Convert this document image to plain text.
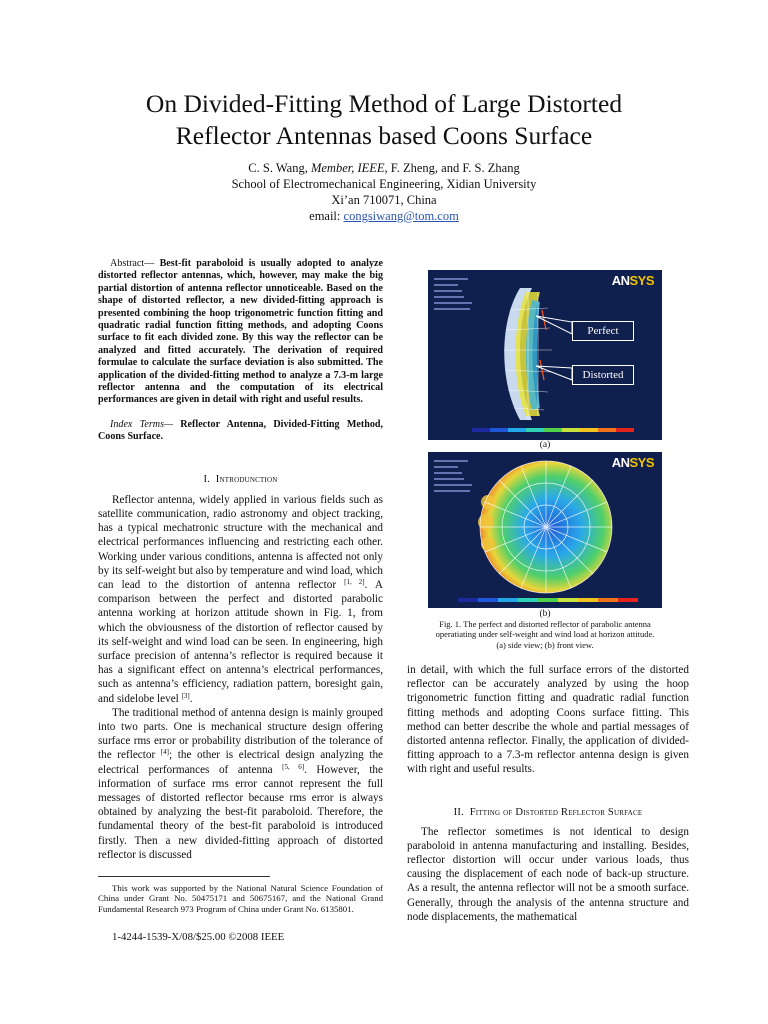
On Divided-Fitting Method of Large Distorted
Reflector Antennas based Coons Surface
C. S. Wang, Member, IEEE, F. Zheng, and F. S. Zhang
School of Electromechanical Engineering, Xidian University
Xi’an 710071, China
email: congsiwang@tom.com

Abstract— Best-fit paraboloid is usually adopted to analyze distorted reflector antennas, which, however, may make the big partial distortion of antenna reflector unnoticeable. Based on the shape of distorted reflector, a new divided-fitting approach is presented combining the hoop trigonometric function fitting and quadratic radial function fitting methods, and adopting Coons surface to fit each divided zone. By this way the reflector can be analyzed and fitted accurately. The derivation of required formulae to calculate the surface deviation is also submitted. The application of the divided-fitting method to analyze a 7.3-m large reflector antenna and the computation of its electrical performances are given in detail with right and useful results.

Index Terms— Reflector Antenna, Divided-Fitting Method, Coons Surface.

I. Introdunction

Reflector antenna, widely applied in various fields such as satellite communication, radio astronomy and object tracking, has a typical mechatronic structure with the mechanical and electrical performances influencing and restricting each other. Working under various conditions, antenna is affected not only by its self-weight but also by temperature and wind load, which can lead to the distortion of antenna reflector [1, 2]. A comparison between the perfect and distorted parabolic antenna working at horizon attitude shown in Fig. 1, from which the obviousness of the distortion of reflector caused by its self-weight and wind load can be seen. In engineering, high surface precision of antenna’s reflector is required because it has a significant effect on antenna’s electrical performances, such as antenna’s efficiency, radiation pattern, boresight gain, and sidelobe level [3].

The traditional method of antenna design is mainly grouped into two parts. One is mechanical structure design offering surface rms error or probability distribution of the tolerance of the reflector [4]; the other is electrical design analyzing the electrical performances of antenna [5, 6]. However, the information of surface rms error cannot represent the full messages of distorted reflector because rms error is always obtained by analyzing the best-fit paraboloid. Therefore, the fundamental theory of the best-fit paraboloid is introduced firstly. Then a new divided-fitting approach of distorted reflector is discussed

This work was supported by the National Natural Science Foundation of China under Grant No. 50475171 and 50675167, and the National Grand Fundamental Research 973 Program of China under Grant No. 6135801.

1-4244-1539-X/08/$25.00 ©2008 IEEE

ANSYS
Perfect
Distorted
(a)
ANSYS
(b)
Fig. 1. The perfect and distorted reflector of parabolic antenna operatiating under self-weight and wind load at horizon attitude.
(a) side view; (b) front view.

in detail, with which the full surface errors of the distorted reflector can be accurately analyzed by using the hoop trigonometric function fitting and quadratic radial function fitting methods and adopting Coons surface fitting. This method can better describe the whole and partial messages of distorted antenna reflector. Finally, the application of divided-fitting approach to a 7.3-m reflector antenna design is given with right and useful results.

II. Fitting of Distorted Reflector Surface

The reflector sometimes is not identical to design paraboloid in antenna manufacturing and installing. Besides, reflector distortion will occur under various loads, thus causing the displacement of each node of back-up structure. As a result, the antenna reflector will not be a smooth surface. Generally, through the analysis of the antenna structure and node displacements, the mathematical
